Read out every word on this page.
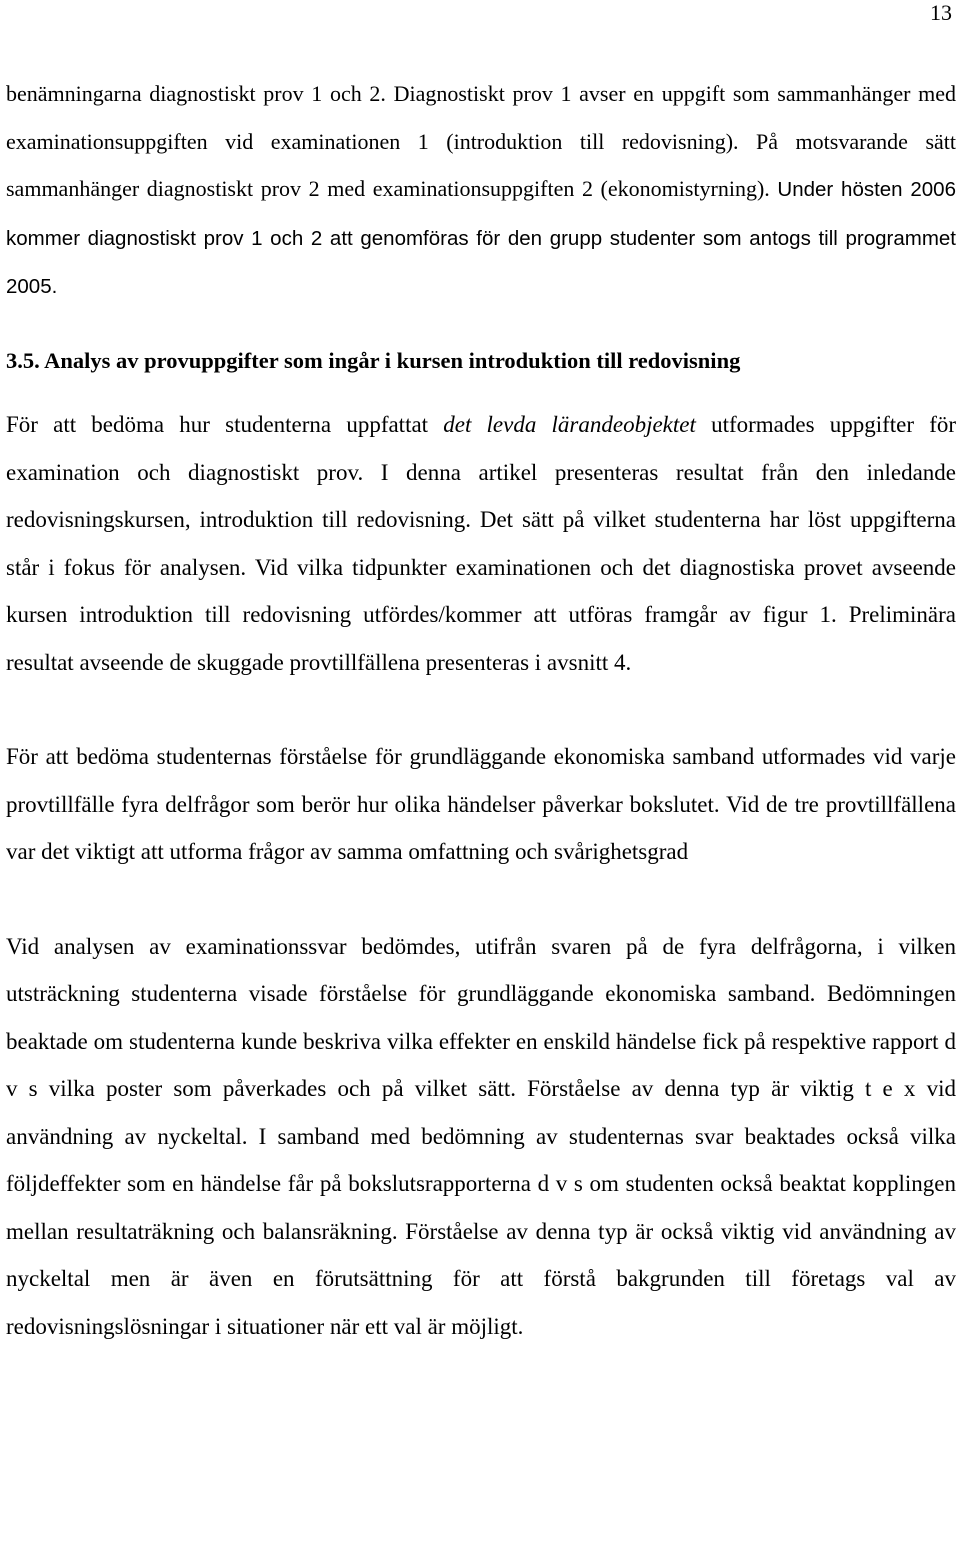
13

benämningarna diagnostiskt prov 1 och 2. Diagnostiskt prov 1 avser en uppgift som sammanhänger med examinationsuppgiften vid examinationen 1 (introduktion till redovisning). På motsvarande sätt sammanhänger diagnostiskt prov 2 med examinationsuppgiften 2 (ekonomistyrning). Under hösten 2006 kommer diagnostiskt prov 1 och 2 att genomföras för den grupp studenter som antogs till programmet 2005.

3.5. Analys av provuppgifter som ingår i kursen introduktion till redovisning

För att bedöma hur studenterna uppfattat det levda lärandeobjektet utformades uppgifter för examination och diagnostiskt prov. I denna artikel presenteras resultat från den inledande redovisningskursen, introduktion till redovisning. Det sätt på vilket studenterna har löst uppgifterna står i fokus för analysen. Vid vilka tidpunkter examinationen och det diagnostiska provet avseende kursen introduktion till redovisning utfördes/kommer att utföras framgår av figur 1. Preliminära resultat avseende de skuggade provtillfällena presenteras i avsnitt 4.

För att bedöma studenternas förståelse för grundläggande ekonomiska samband utformades vid varje provtillfälle fyra delfrågor som berör hur olika händelser påverkar bokslutet. Vid de tre provtillfällena var det viktigt att utforma frågor av samma omfattning och svårighetsgrad

Vid analysen av examinationssvar bedömdes, utifrån svaren på de fyra delfrågorna, i vilken utsträckning studenterna visade förståelse för grundläggande ekonomiska samband. Bedömningen beaktade om studenterna kunde beskriva vilka effekter en enskild händelse fick på respektive rapport d v s vilka poster som påverkades och på vilket sätt. Förståelse av denna typ är viktig t e x vid användning av nyckeltal. I samband med bedömning av studenternas svar beaktades också vilka följdeffekter som en händelse får på bokslutsrapporterna d v s om studenten också beaktat kopplingen mellan resultaträkning och balansräkning. Förståelse av denna typ är också viktig vid användning av nyckeltal men är även en förutsättning för att förstå bakgrunden till företags val av redovisningslösningar i situationer när ett val är möjligt.
